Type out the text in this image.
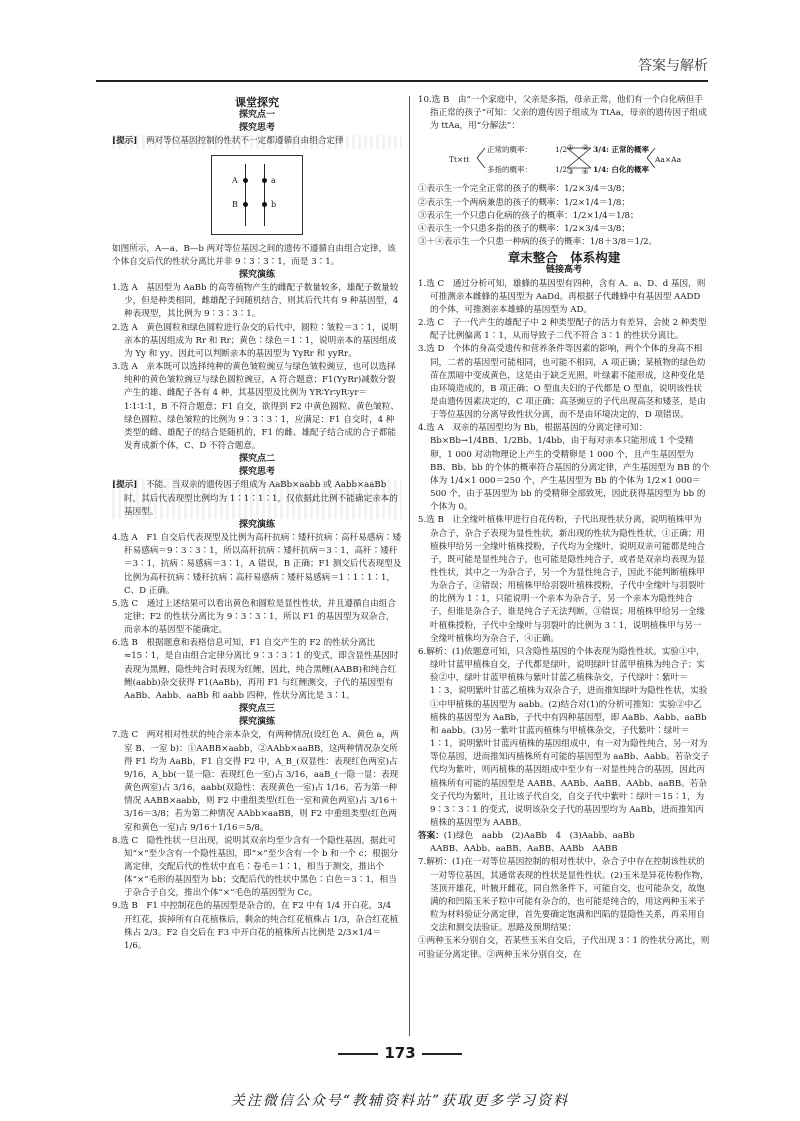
答案与解析
课堂探究
探究点一
探究思考

[提示]　 两对等位基因控制的性状不一定都遵循自由组合定律

A	a
B	b

如图所示，A—a、B—b 两对等位基因之间的遗传不遵循自由组合定律，该个体自交后代的性状分离比并非 9∶3∶3∶1，而是 3∶1。

探究演练

1.选 A　基因型为 AaBb 的高等植物产生的雌配子数量较多，雄配子数量较少，但是种类相同，雌雄配子间随机结合，则其后代共有 9 种基因型，4 种表现型，其比例为 9∶3∶3∶1。

2.选 A　黄色圆粒和绿色圆粒进行杂交的后代中，圆粒∶皱粒＝3∶1，说明亲本的基因组成为 Rr 和 Rr；黄色∶绿色＝1∶1，说明亲本的基因组成为 Yy 和 yy。因此可以判断亲本的基因型为 YyRr 和 yyRr。

3.选 A　亲本既可以选择纯种的黄色皱粒豌豆与绿色皱粒豌豆，也可以选择纯种的黄色皱粒豌豆与绿色圆粒豌豆，A 符合题意；F1(YyRr)减数分裂产生的雄、雌配子各有 4 种，其基因型及比例为 YR∶Yr∶yR∶yr＝1∶1∶1∶1，B 不符合题意；F1 自交，欲得到 F2 中黄色圆粒、黄色皱粒、绿色圆粒、绿色皱粒的比例为 9∶3∶3∶1，应满足：F1 自交时，4 种类型的雌、雄配子的结合是随机的，F1 的雌、雄配子结合成的合子都能发育成新个体，C、D 不符合题意。

探究点二
探究思考

[提示]　 不能。当双亲的遗传因子组成为 AaBb×aabb 或 Aabb×aaBb 时，其后代表现型比例均为 1∶1∶1∶1，仅依据此比例不能确定亲本的基因型。

探究演练

4.选 A　F1 自交后代表现型及比例为高秆抗病∶矮秆抗病∶高秆易感病∶矮秆易感病＝9∶3∶3∶1，所以高秆抗病∶矮秆抗病＝3∶1，高秆∶矮秆＝3∶1，抗病∶易感病＝3∶1，A 错误，B 正确；F1 测交后代表现型及比例为高秆抗病∶矮秆抗病∶高秆易感病∶矮秆易感病＝1∶1∶1∶1，C、D 正确。

5.选 C　通过上述结果可以看出黄色和圆粒是显性性状，并且遵循自由组合定律；F2 的性状分离比为 9∶3∶3∶1，所以 F1 的基因型为双杂合，而亲本的基因型不能确定。

6.选 B　根据题意和表格信息可知，F1 自交产生的 F2 的性状分离比≈15∶1，是自由组合定律分离比 9∶3∶3∶1 的变式，即含显性基因时表现为黑鲤，隐性纯合时表现为红鲤，因此，纯合黑鲤(AABB)和纯合红鲤(aabb)杂交获得 F1(AaBb)，再用 F1 与红鲤测交，子代的基因型有 AaBb、Aabb、aaBb 和 aabb 四种，性状分离比是 3∶1。

探究点三
探究演练

7.选 C　两对相对性状的纯合亲本杂交，有两种情况(设红色 A、黄色 a，两室 B、一室 b)：①AABB×aabb，②AAbb×aaBB，这两种情况杂交所得 F1 均为 AaBb，F1 自交得 F2 中，A_B_(双显性：表现红色两室)占 9/16，A_bb(一显一隐：表现红色一室)占 3/16，aaB_(一隐一显：表现黄色两室)占 3/16，aabb(双隐性：表现黄色一室)占 1/16。若为第一种情况 AABB×aabb，则 F2 中重组类型(红色一室和黄色两室)占 3/16＋3/16＝3/8；若为第二种情况 AAbb×aaBB，则 F2 中重组类型(红色两室和黄色一室)占 9/16＋1/16＝5/8。

8.选 C　隐性性状一旦出现，说明其双亲均至少含有一个隐性基因，据此可知“×”至少含有一个隐性基因，即“×”至少含有一个 b 和一个 c；根据分离定律，交配后代的性状中直毛∶卷毛＝1∶1，相当于测交，推出个体“×”毛形的基因型为 bb；交配后代的性状中黑色∶白色＝3∶1，相当于杂合子自交，推出个体“×”毛色的基因型为 Cc。

9.选 B　F1 中控制花色的基因型是杂合的，在 F2 中有 1/4 开白花，3/4 开红花，拔掉所有白花植株后，剩余的纯合红花植株占 1/3，杂合红花植株占 2/3。F2 自交后在 F3 中开白花的植株所占比例是 2/3×1/4＝1/6。

10.选 B　由“一个家庭中，父亲是多指，母亲正常，他们有一个白化病但手指正常的孩子”可知：父亲的遗传因子组成为 TtAa，母亲的遗传因子组成为 ttAa，用“分解法”：

Tt×tt
正常的概率：
多指的概率：
1/2
1/2
① ②
③ ④
3/4: 正常的概率
1/4: 白化的概率
Aa×Aa

①表示生一个完全正常的孩子的概率：1/2×3/4＝3/8；

②表示生一个两病兼患的孩子的概率：1/2×1/4＝1/8；

③表示生一个只患白化病的孩子的概率：1/2×1/4＝1/8；

④表示生一个只患多指的孩子的概率：1/2×3/4＝3/8；

③＋④表示生一个只患一种病的孩子的概率：1/8＋3/8＝1/2。

章末整合　体系构建
链接高考

1.选 C　通过分析可知，雄蜂的基因型有四种，含有 A、a、D、d 基因，则可推测亲本雌蜂的基因型为 AaDd。再根据子代雌蜂中有基因型 AADD 的个体，可推测亲本雄蜂的基因型为 AD。

2.选 C　子一代产生的雄配子中 2 种类型配子的活力有差异，会使 2 种类型配子比例偏离 1∶1，从而导致子二代不符合 3∶1 的性状分离比。

3.选 D　个体的身高受遗传和营养条件等因素的影响，两个个体的身高不相同，二者的基因型可能相同，也可能不相同，A 项正确；某植物的绿色幼苗在黑暗中变成黄色，这是由于缺乏光照，叶绿素不能形成，这种变化是由环境造成的，B 项正确；O 型血夫妇的子代都是 O 型血，说明该性状是由遗传因素决定的，C 项正确；高茎豌豆的子代出现高茎和矮茎，是由于等位基因的分离导致性状分离，而不是由环境决定的，D 项错误。

4.选 A　双亲的基因型均为 Bb，根据基因的分离定律可知：Bb×Bb→1/4BB、1/2Bb、1/4bb，由于每对亲本只能形成 1 个受精卵，1 000 对动物理论上产生的受精卵是 1 000 个，且产生基因型为 BB、Bb、bb 的个体的概率符合基因的分离定律，产生基因型为 BB 的个体为 1/4×1 000＝250 个，产生基因型为 Bb 的个体为 1/2×1 000＝500 个，由于基因型为 bb 的受精卵全部致死，因此获得基因型为 bb 的个体为 0。

5.选 B　让全缘叶植株甲进行自花传粉，子代出现性状分离，说明植株甲为杂合子，杂合子表现为显性性状，新出现的性状为隐性性状，①正确；用植株甲给另一全缘叶植株授粉，子代均为全缘叶，说明双亲可能都是纯合子，既可能是显性纯合子，也可能是隐性纯合子，或者是双亲均表现为显性性状，其中之一为杂合子，另一个为显性纯合子，因此不能判断植株甲为杂合子，②错误；用植株甲给羽裂叶植株授粉，子代中全缘叶与羽裂叶的比例为 1∶1，只能说明一个亲本为杂合子，另一个亲本为隐性纯合子，但谁是杂合子，谁是纯合子无法判断，③错误；用植株甲给另一全缘叶植株授粉，子代中全缘叶与羽裂叶的比例为 3∶1，说明植株甲与另一全缘叶植株均为杂合子，④正确。

6.解析：(1)依题意可知，只含隐性基因的个体表现为隐性性状。实验①中，绿叶甘蓝甲植株自交，子代都是绿叶，说明绿叶甘蓝甲植株为纯合子；实验②中，绿叶甘蓝甲植株与紫叶甘蓝乙植株杂交，子代绿叶∶紫叶＝1∶3，说明紫叶甘蓝乙植株为双杂合子，进而推知绿叶为隐性性状，实验①中甲植株的基因型为 aabb。(2)结合对(1)的分析可推知：实验②中乙植株的基因型为 AaBb，子代中有四种基因型，即 AaBb、Aabb、aaBb 和 aabb。(3)另一紫叶甘蓝丙植株与甲植株杂交，子代紫叶∶绿叶＝1∶1，说明紫叶甘蓝丙植株的基因组成中，有一对为隐性纯合，另一对为等位基因，进而推知丙植株所有可能的基因型为 aaBb、Aabb。若杂交子代均为紫叶，则丙植株的基因组成中至少有一对显性纯合的基因，因此丙植株所有可能的基因型是 AABB、AABb、AaBB、AAbb、aaBB。若杂交子代均为紫叶，且让该子代自交，自交子代中紫叶∶绿叶＝15∶1，为 9∶3∶3∶1 的变式，说明该杂交子代的基因型均为 AaBb，进而推知丙植株的基因型为 AABB。

答案：(1)绿色　aabb　(2)AaBb　4　(3)Aabb、aaBb

AABB、AAbb、aaBB、AaBB、AABb　AABB

7.解析：(1)在一对等位基因控制的相对性状中，杂合子中存在控制该性状的一对等位基因，其通常表现的性状是显性性状。(2)玉米是异花传粉作物，茎顶开雄花，叶腋开雌花，同自然条件下，可能自交，也可能杂交，故饱满的和凹陷玉米子粒中可能有杂合的，也可能是纯合的，用这两种玉米子粒为材料验证分离定律，首先要确定饱满和凹陷的显隐性关系，再采用自交法和测交法验证。思路及预期结果：

①两种玉米分别自交，若某些玉米自交后，子代出现 3∶1 的性状分离比，则可验证分离定律。②两种玉米分别自交，在

173
关注微信公众号“教辅资料站”获取更多学习资料
